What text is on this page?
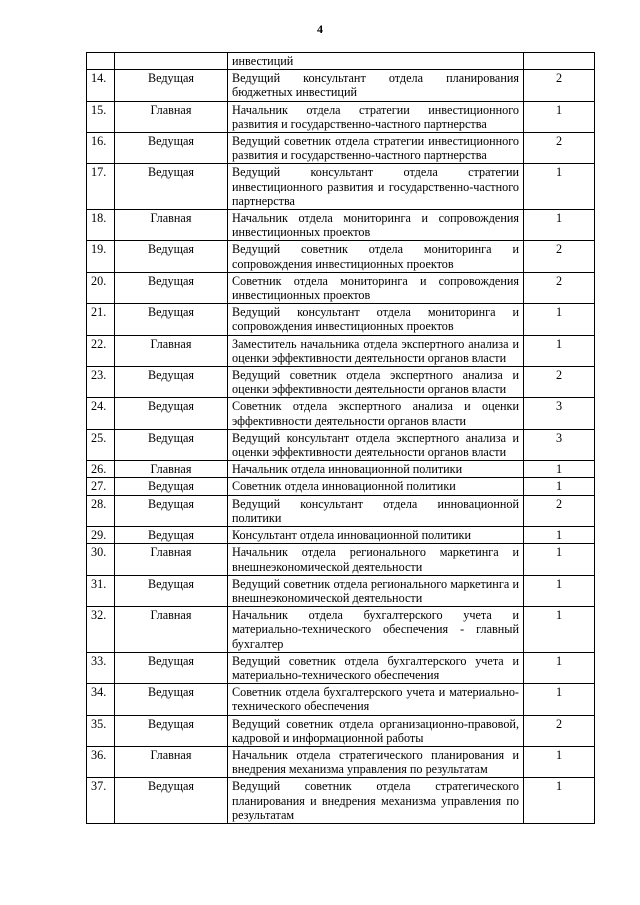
4
		инвестиций	
14.	Ведущая	Ведущий консультант отдела планирования бюджетных инвестиций	2
15.	Главная	Начальник отдела стратегии инвестиционного развития и государственно-частного партнерства	1
16.	Ведущая	Ведущий советник отдела стратегии инвестиционного развития и государственно-частного партнерства	2
17.	Ведущая	Ведущий консультант отдела стратегии инвестиционного развития и государственно-частного партнерства	1
18.	Главная	Начальник отдела мониторинга и сопровождения инвестиционных проектов	1
19.	Ведущая	Ведущий советник отдела мониторинга и сопровождения инвестиционных проектов	2
20.	Ведущая	Советник отдела мониторинга и сопровождения инвестиционных проектов	2
21.	Ведущая	Ведущий консультант отдела мониторинга и сопровождения инвестиционных проектов	1
22.	Главная	Заместитель начальника отдела экспертного анализа и оценки эффективности деятельности органов власти	1
23.	Ведущая	Ведущий советник отдела экспертного анализа и оценки эффективности деятельности органов власти	2
24.	Ведущая	Советник отдела экспертного анализа и оценки эффективности деятельности органов власти	3
25.	Ведущая	Ведущий консультант отдела экспертного анализа и оценки эффективности деятельности органов власти	3
26.	Главная	Начальник отдела инновационной политики	1
27.	Ведущая	Советник отдела инновационной политики	1
28.	Ведущая	Ведущий консультант отдела инновационной политики	2
29.	Ведущая	Консультант отдела инновационной политики	1
30.	Главная	Начальник отдела регионального маркетинга и внешнеэкономической деятельности	1
31.	Ведущая	Ведущий советник отдела регионального маркетинга и внешнеэкономической деятельности	1
32.	Главная	Начальник отдела бухгалтерского учета и материально-технического обеспечения - главный бухгалтер	1
33.	Ведущая	Ведущий советник отдела бухгалтерского учета и материально-технического обеспечения	1
34.	Ведущая	Советник отдела бухгалтерского учета и материально-технического обеспечения	1
35.	Ведущая	Ведущий советник отдела организационно-правовой, кадровой и информационной работы	2
36.	Главная	Начальник отдела стратегического планирования и внедрения механизма управления по результатам	1
37.	Ведущая	Ведущий советник отдела стратегического планирования и внедрения механизма управления по результатам	1
